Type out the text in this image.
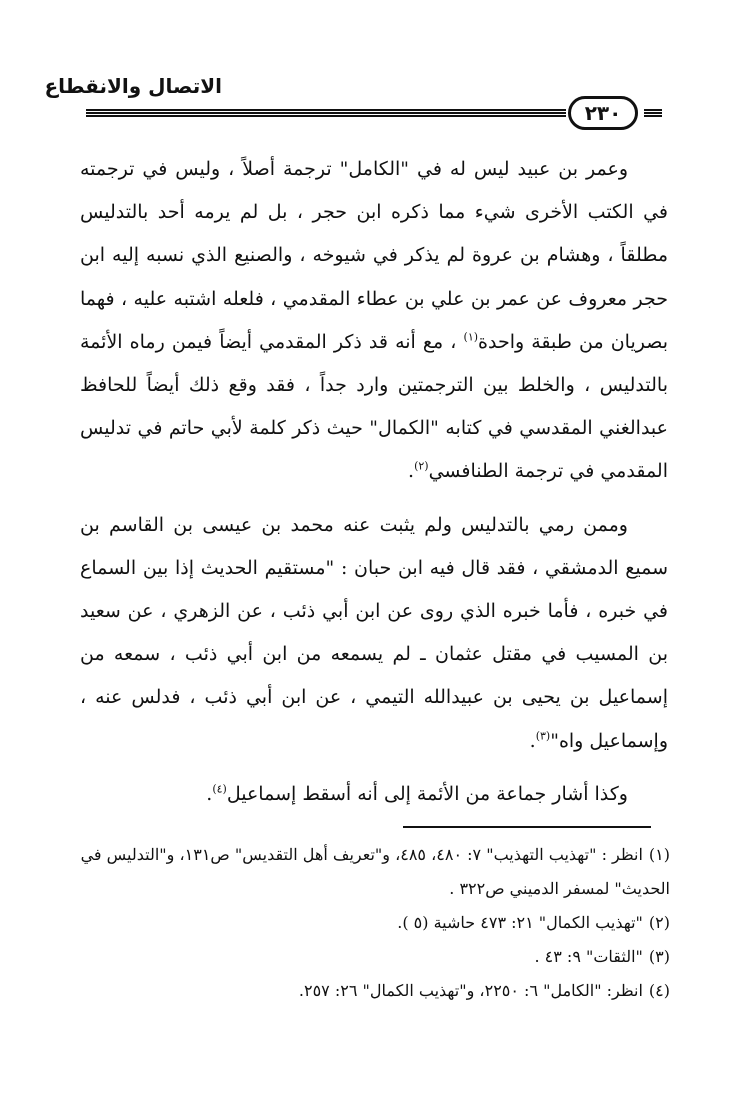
الاتصال والانقطاع
٢٣٠

وعمر بن عبيد ليس له في "الكامل" ترجمة أصلاً ، وليس في ترجمته في الكتب الأخرى شيء مما ذكره ابن حجر ، بل لم يرمه أحد بالتدليس مطلقاً ، وهشام بن عروة لم يذكر في شيوخه ، والصنيع الذي نسبه إليه ابن حجر معروف عن عمر بن علي بن عطاء المقدمي ، فلعله اشتبه عليه ، فهما بصريان من طبقة واحدة$^{(١)}$ ، مع أنه قد ذكر المقدمي أيضاً فيمن رماه الأئمة بالتدليس ، والخلط بين الترجمتين وارد جداً ، فقد وقع ذلك أيضاً للحافظ عبدالغني المقدسي في كتابه "الكمال" حيث ذكر كلمة لأبي حاتم في تدليس المقدمي في ترجمة الطنافسي$^{(٢)}$.

وممن رمي بالتدليس ولم يثبت عنه محمد بن عيسى بن القاسم بن سميع الدمشقي ، فقد قال فيه ابن حبان : "مستقيم الحديث إذا بين السماع في خبره ، فأما خبره الذي روى عن ابن أبي ذئب ، عن الزهري ، عن سعيد بن المسيب في مقتل عثمان ـ لم يسمعه من ابن أبي ذئب ، سمعه من إسماعيل بن يحيى بن عبيدالله التيمي ، عن ابن أبي ذئب ، فدلس عنه ، وإسماعيل واه"$^{(٣)}$.

وكذا أشار جماعة من الأئمة إلى أنه أسقط إسماعيل$^{(٤)}$.

(١)انظر : "تهذيب التهذيب" ٧: ٤٨٠، ٤٨٥، و"تعريف أهل التقديس" ص١٣١، و"التدليس في الحديث" لمسفر الدميني ص٣٢٢ .

(٢)"تهذيب الكمال" ٢١: ٤٧٣ حاشية (٥ ).

(٣)"الثقات" ٩: ٤٣ .

(٤)انظر: "الكامل" ٦: ٢٢٥٠، و"تهذيب الكمال" ٢٦: ٢٥٧.
